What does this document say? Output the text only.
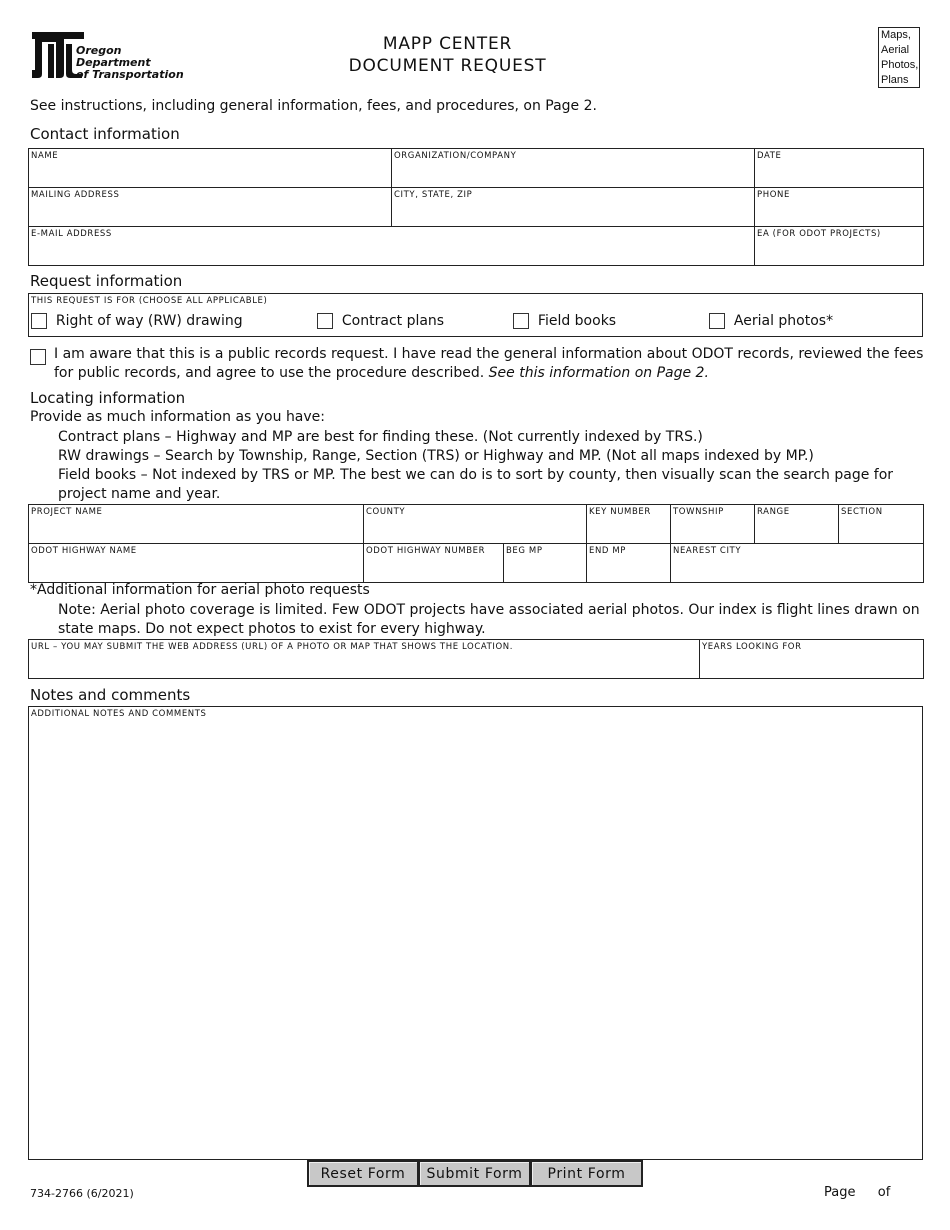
Oregon
Department
of Transportation
MAPP CENTER
DOCUMENT REQUEST
Maps,
Aerial
Photos,
Plans
See instructions, including general information, fees, and procedures, on Page 2.
Contact information
NAME	ORGANIZATION/COMPANY	DATE

MAILING ADDRESS	CITY, STATE, ZIP	PHONE

E-MAIL ADDRESS		EA (FOR ODOT PROJECTS)
Request information
THIS REQUEST IS FOR (CHOOSE ALL APPLICABLE)
Right of way (RW) drawing	Contract plans	Field books	Aerial photos*
I am aware that this is a public records request. I have read the general information about ODOT records, reviewed the fees
for public records, and agree to use the procedure described. See this information on Page 2.
Locating information
Provide as much information as you have:
Contract plans – Highway and MP are best for finding these. (Not currently indexed by TRS.)
RW drawings – Search by Township, Range, Section (TRS) or Highway and MP. (Not all maps indexed by MP.)
Field books – Not indexed by TRS or MP. The best we can do is to sort by county, then visually scan the search page for
project name and year.
PROJECT NAME	COUNTY		KEY NUMBER	TOWNSHIP	RANGE	SECTION

ODOT HIGHWAY NAME	ODOT HIGHWAY NUMBER	BEG MP	END MP	NEAREST CITY		
*Additional information for aerial photo requests
Note: Aerial photo coverage is limited. Few ODOT projects have associated aerial photos. Our index is flight lines drawn on
state maps. Do not expect photos to exist for every highway.
URL – YOU MAY SUBMIT THE WEB ADDRESS (URL) OF A PHOTO OR MAP THAT SHOWS THE LOCATION.	YEARS LOOKING FOR
Notes and comments
ADDITIONAL NOTES AND COMMENTS
Reset Form	Submit Form	Print Form
734-2766 (6/2021)	Page of
